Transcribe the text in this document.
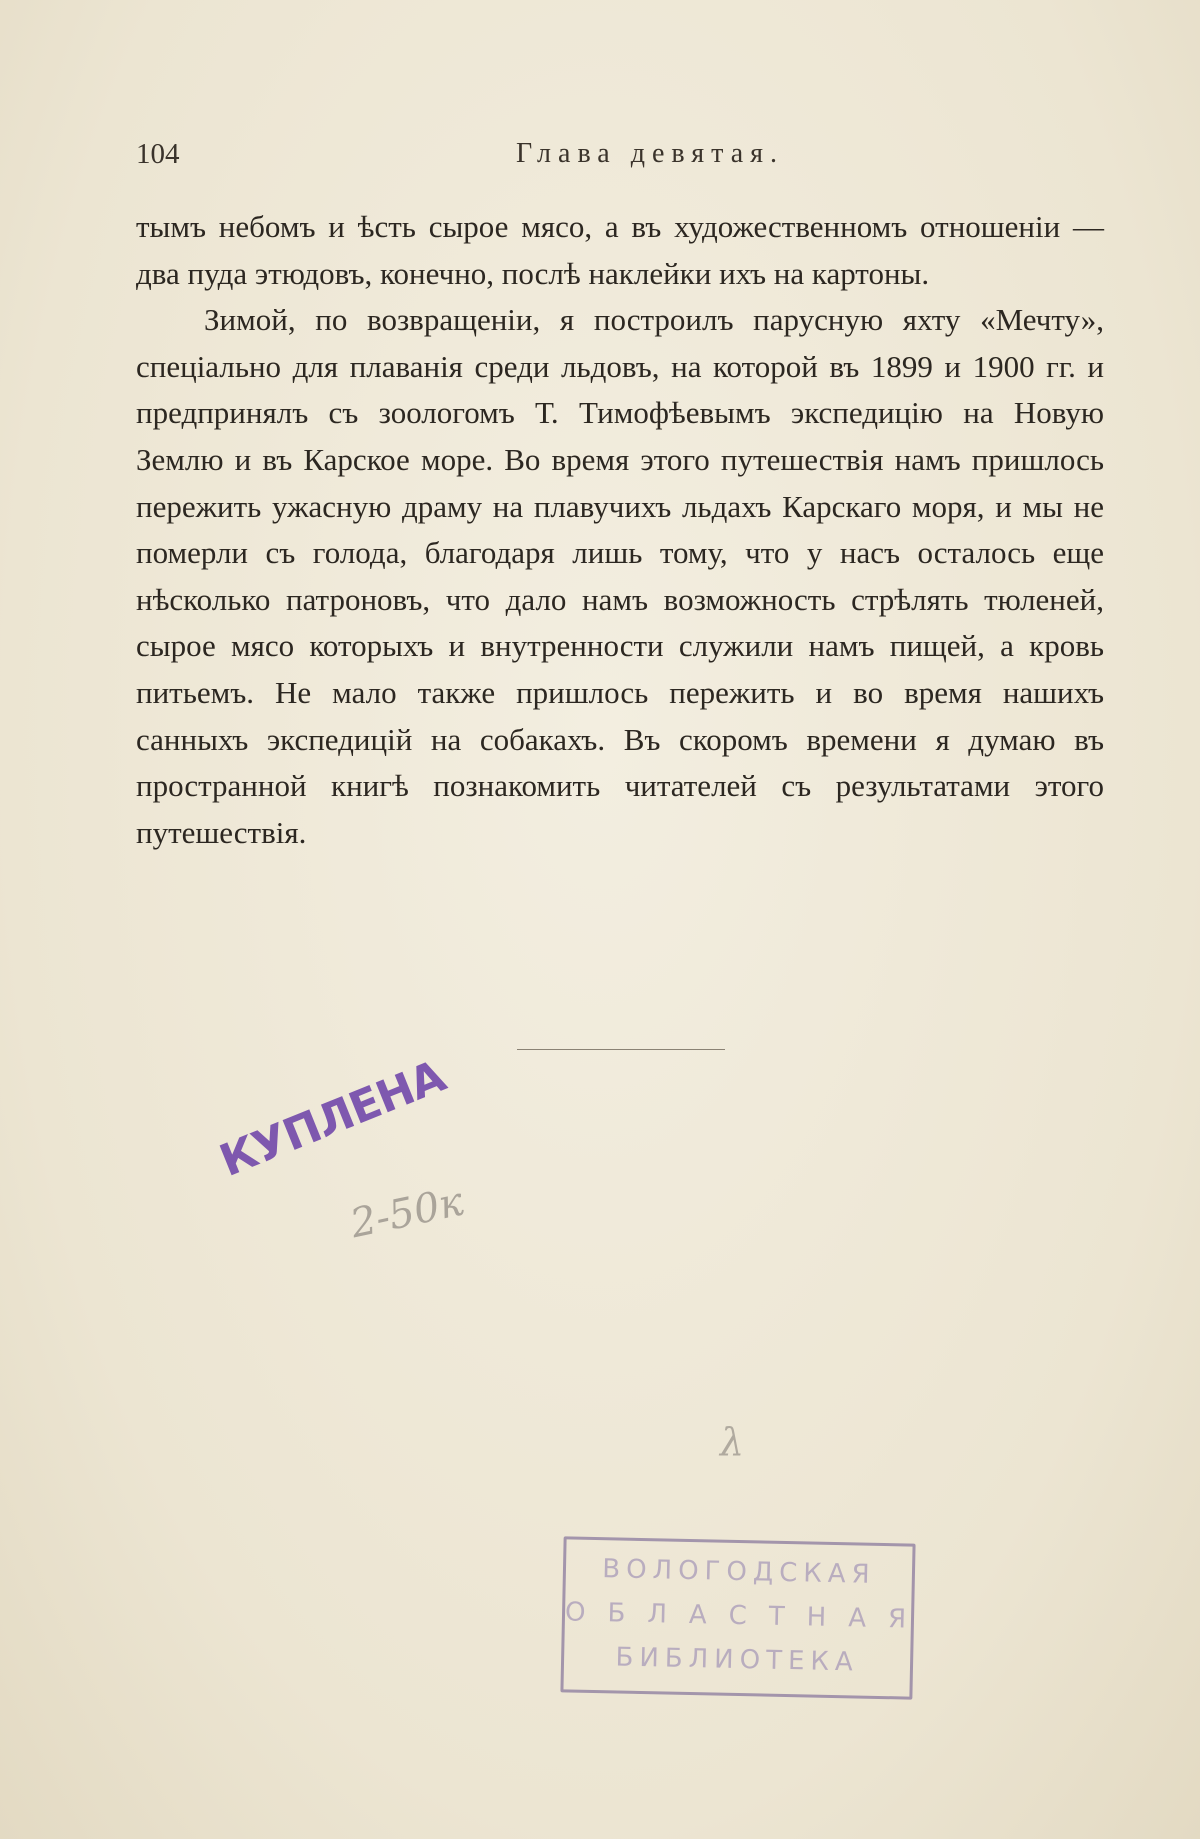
104	Глава девятая.

тымъ небомъ и ѣсть сырое мясо, а въ художественномъ отношенiи — два пуда этюдовъ, конечно, послѣ наклейки ихъ на картоны.

Зимой, по возвращенiи, я построилъ парусную яхту «Мечту», спецiально для плаванiя среди льдовъ, на которой въ 1899 и 1900 гг. и предпринялъ съ зоологомъ Т. Тимофѣевымъ экспедицiю на Новую Землю и въ Карское море. Во время этого путешествiя намъ пришлось пережить ужасную драму на плавучихъ льдахъ Карскаго моря, и мы не померли съ голода, благодаря лишь тому, что у насъ осталось еще нѣсколько патроновъ, что дало намъ возможность стрѣлять тюленей, сырое мясо которыхъ и внутренности служили намъ пищей, а кровь питьемъ. Не мало также пришлось пережить и во время нашихъ санныхъ экспедицiй на собакахъ. Въ скоромъ времени я думаю въ пространной книгѣ познакомить читателей съ результатами этого путешествiя.

КУПЛЕНА
2-50к
λ
ВОЛОГОДСКАЯ
ОБЛАСТНАЯ
БИБЛИОТЕКА
